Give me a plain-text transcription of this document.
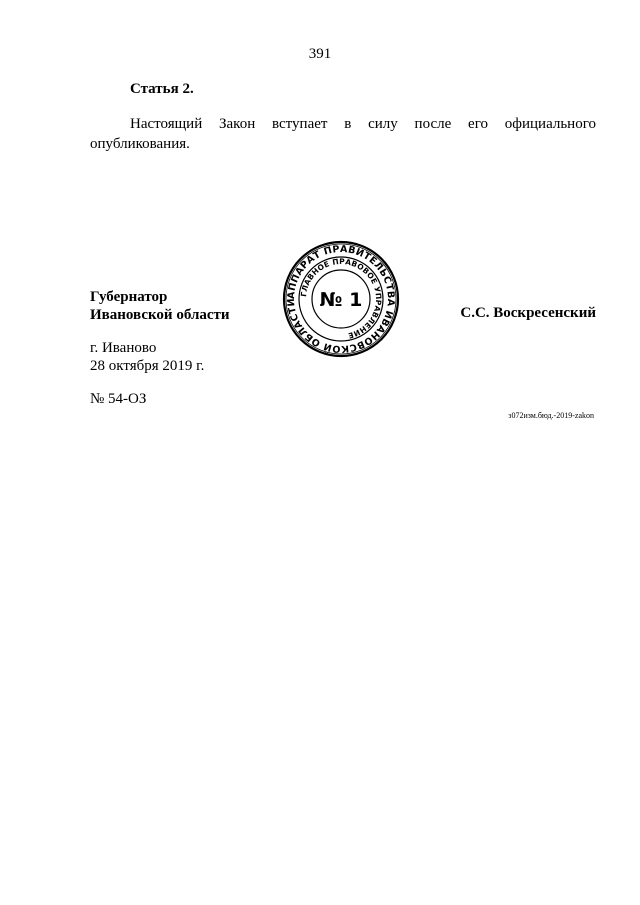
391
Статья 2.
Настоящий Закон вступает в силу после его официального
опубликования.
Губернатор
Ивановской области	С.С. Воскресенский
АППАРАТ ПРАВИТЕЛЬСТВА ИВАНОВСКОЙ ОБЛАСТИ
ГЛАВНОЕ ПРАВОВОЕ УПРАВЛЕНИЕ
№ 1
г. Иваново
28 октября 2019 г.
№ 54-ОЗ
з072изм.бюд.-2019-zakon
